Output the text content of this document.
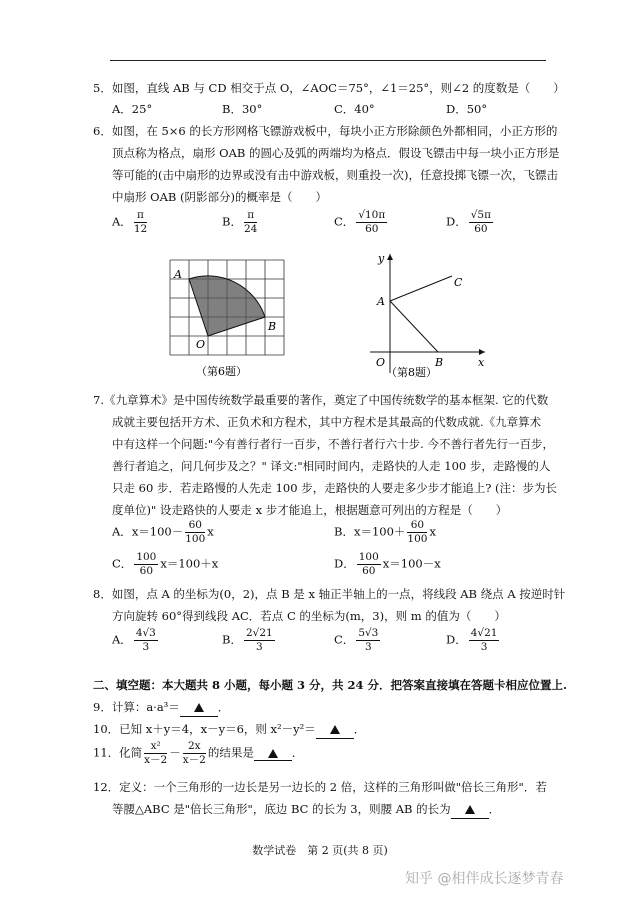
5．如图，直线 AB 与 CD 相交于点 O，∠AOC＝75°，∠1＝25°，则∠2 的度数是（　　）
A．25°	B．30°	C．40°	D．50°
6．如图，在 5×6 的长方形网格飞镖游戏板中，每块小正方形除颜色外都相同，小正方形的
顶点称为格点，扇形 OAB 的圆心及弧的两端均为格点．假设飞镖击中每一块小正方形是
等可能的(击中扇形的边界或没有击中游戏板，则重投一次)，任意投掷飞镖一次，飞镖击
中扇形 OAB (阴影部分)的概率是（　　）
A． $\frac{\pi}{12}$	B． $\frac{\pi}{24}$	C． $\frac{√10\pi}{60}$	D． $\frac{√5\pi}{60}$
A
O
B
（第6题）
y
x
A
C
O	B
（第8题）
7.《九章算术》是中国传统数学最重要的著作，奠定了中国传统数学的基本框架. 它的代数
成就主要包括开方术、正负术和方程术，其中方程术是其最高的代数成就.《九章算术
中有这样一个问题:"今有善行者行一百步，不善行者行六十步. 今不善行者先行一百步，
善行者追之，问几何步及之？" 译文:"相同时间内，走路快的人走 100 步，走路慢的人
只走 60 步．若走路慢的人先走 100 步，走路快的人要走多少步才能追上? (注：步为长
度单位)" 设走路快的人要走 x 步才能追上，根据题意可列出的方程是（　　）
A．$x=100- \frac{60}{100}$ x	B．$x=100+ \frac{60}{100}$ x
C． $\frac{100}{60} x=100+x$	D． $\frac{100}{60} x=100-x$
8．如图，点 A 的坐标为(0，2)，点 B 是 x 轴正半轴上的一点，将线段 AB 绕点 A 按逆时针
方向旋转 60°得到线段 AC．若点 C 的坐标为(m，3)，则 m 的值为（　　）
A． $\frac{4√3}{3}$	B． $\frac{2√21}{3}$	C． $\frac{5√3}{3}$	D． $\frac{4√21}{3}$
二、填空题：本大题共 8 小题，每小题 3 分，共 24 分．把答案直接填在答题卡相应位置上.
9．计算：a·a³＝	．
10．已知 x＋y＝4，x－y＝6，则 x²－y²＝	．
11．化简 $\frac{\text{x²}}{x-2} - \frac{2x}{x-2}$ 的结果是	．
12．定义：一个三角形的一边长是另一边长的 2 倍，这样的三角形叫做"倍长三角形"．若
等腰△ABC 是"倍长三角形"，底边 BC 的长为 3，则腰 AB 的长为	．
数学试卷　第 2 页(共 8 页)
知乎 @相伴成长逐梦青春
